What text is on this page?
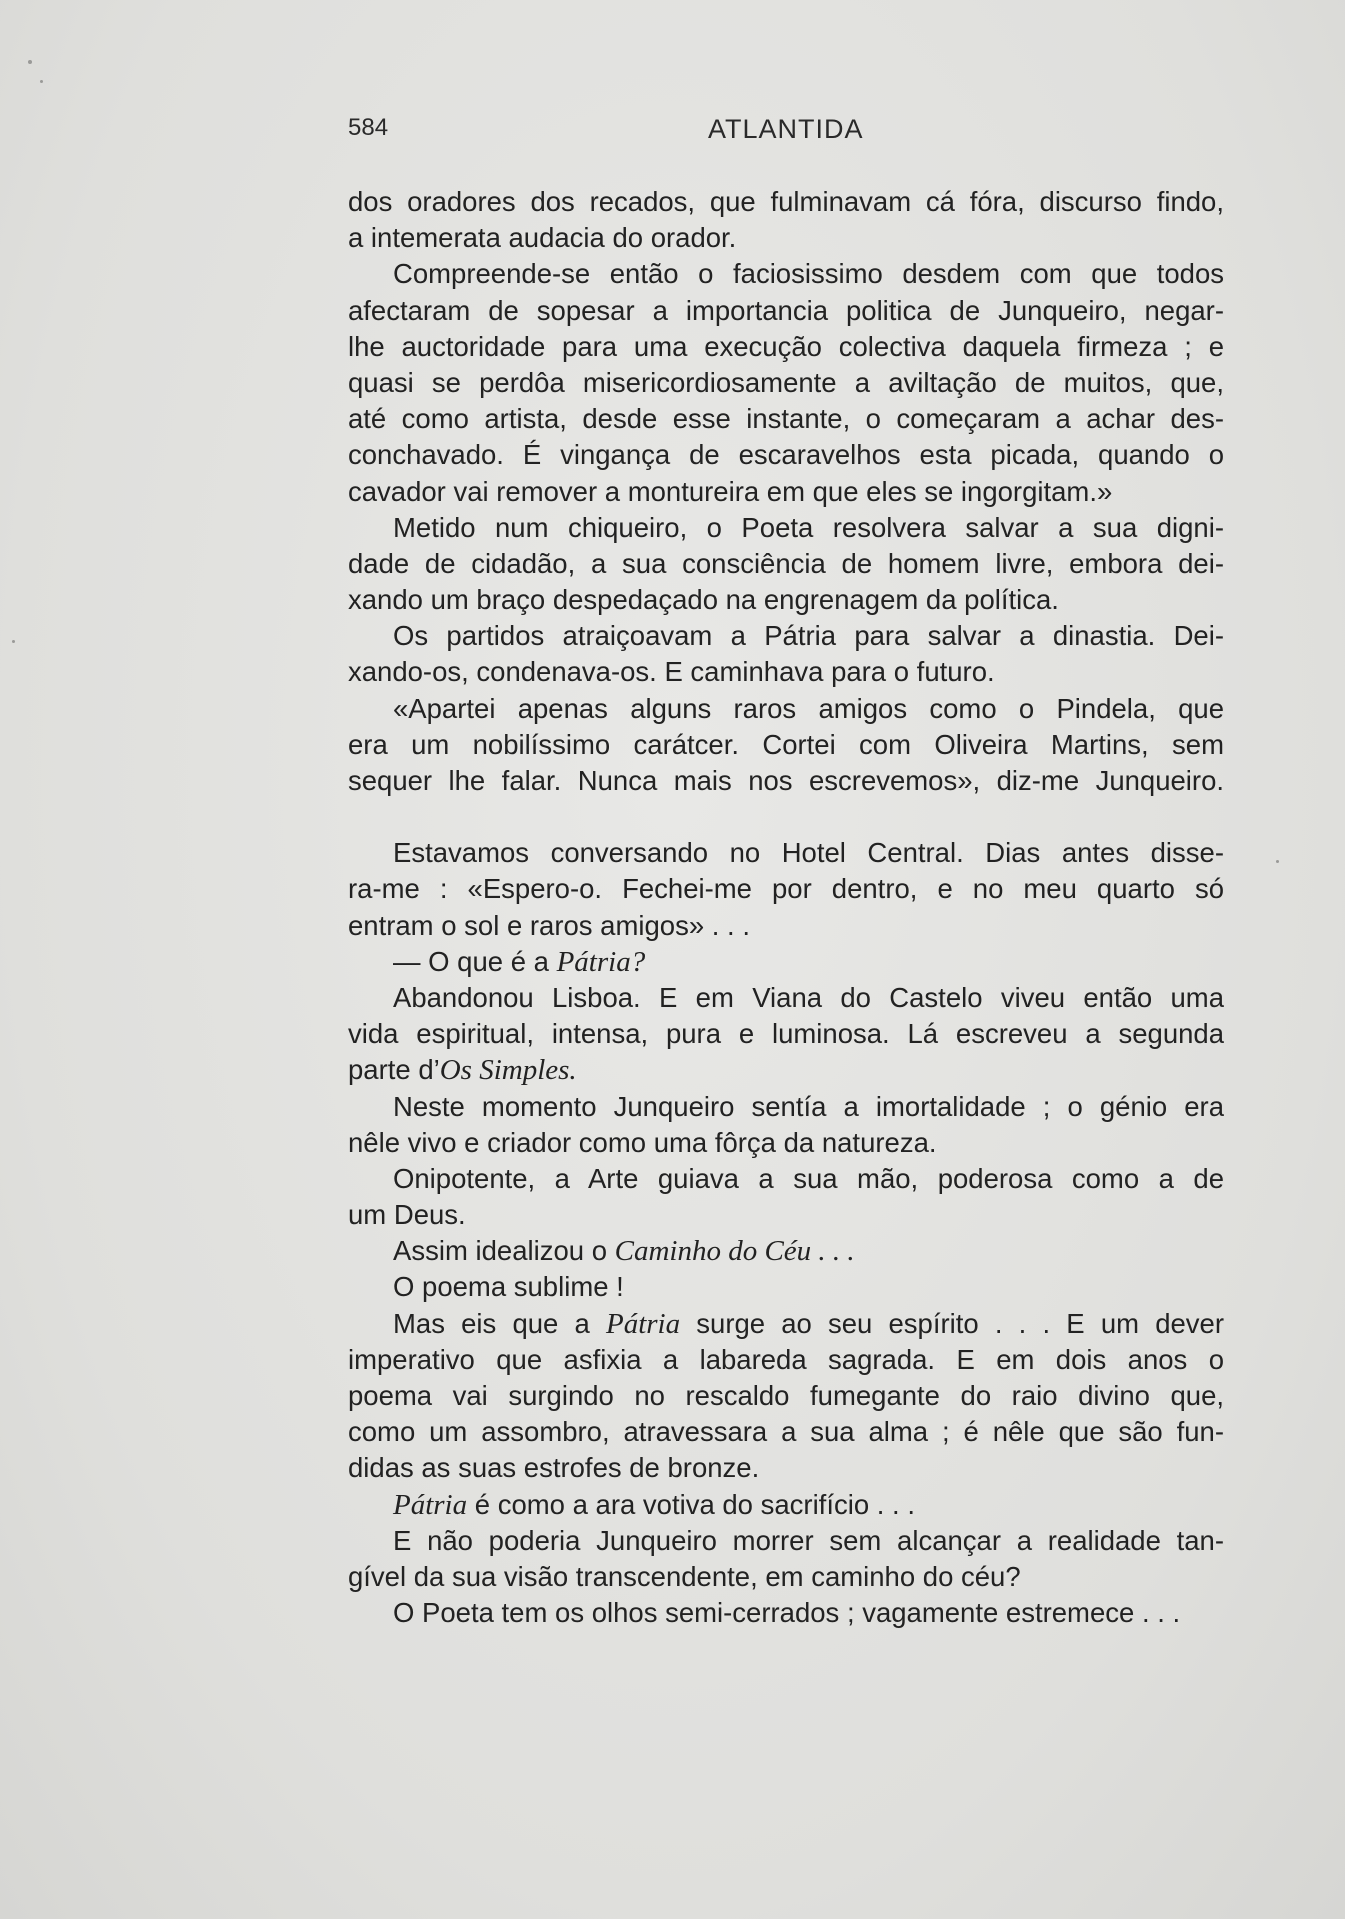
584	ATLANTIDA
dos oradores dos recados, que fulminavam cá fóra, discurso findo,
a intemerata audacia do orador.
Compreende-se então o faciosissimo desdem com que todos
afectaram de sopesar a importancia politica de Junqueiro, negar-
lhe auctoridade para uma execução colectiva daquela firmeza ; e
quasi se perdôa misericordiosamente a aviltação de muitos, que,
até como artista, desde esse instante, o começaram a achar des-
conchavado. É vingança de escaravelhos esta picada, quando o
cavador vai remover a montureira em que eles se ingorgitam.»
Metido num chiqueiro, o Poeta resolvera salvar a sua digni-
dade de cidadão, a sua consciência de homem livre, embora dei-
xando um braço despedaçado na engrenagem da política.
Os partidos atraiçoavam a Pátria para salvar a dinastia. Dei-
xando-os, condenava-os. E caminhava para o futuro.
«Apartei apenas alguns raros amigos como o Pindela, que
era um nobilíssimo carátcer. Cortei com Oliveira Martins, sem
sequer lhe falar. Nunca mais nos escrevemos», diz-me Junqueiro.
Estavamos conversando no Hotel Central. Dias antes disse-
ra-me : «Espero-o. Fechei-me por dentro, e no meu quarto só
entram o sol e raros amigos» . . .
— O que é a Pátria?
Abandonou Lisboa. E em Viana do Castelo viveu então uma
vida espiritual, intensa, pura e luminosa. Lá escreveu a segunda
parte d’Os Simples.
Neste momento Junqueiro sentía a imortalidade ; o génio era
nêle vivo e criador como uma fôrça da natureza.
Onipotente, a Arte guiava a sua mão, poderosa como a de
um Deus.
Assim idealizou o Caminho do Céu . . .
O poema sublime !
Mas eis que a Pátria surge ao seu espírito . . . E um dever
imperativo que asfixia a labareda sagrada. E em dois anos o
poema vai surgindo no rescaldo fumegante do raio divino que,
como um assombro, atravessara a sua alma ; é nêle que são fun-
didas as suas estrofes de bronze.
Pátria é como a ara votiva do sacrifício . . .
E não poderia Junqueiro morrer sem alcançar a realidade tan-
gível da sua visão transcendente, em caminho do céu?
O Poeta tem os olhos semi-cerrados ; vagamente estremece . . .
